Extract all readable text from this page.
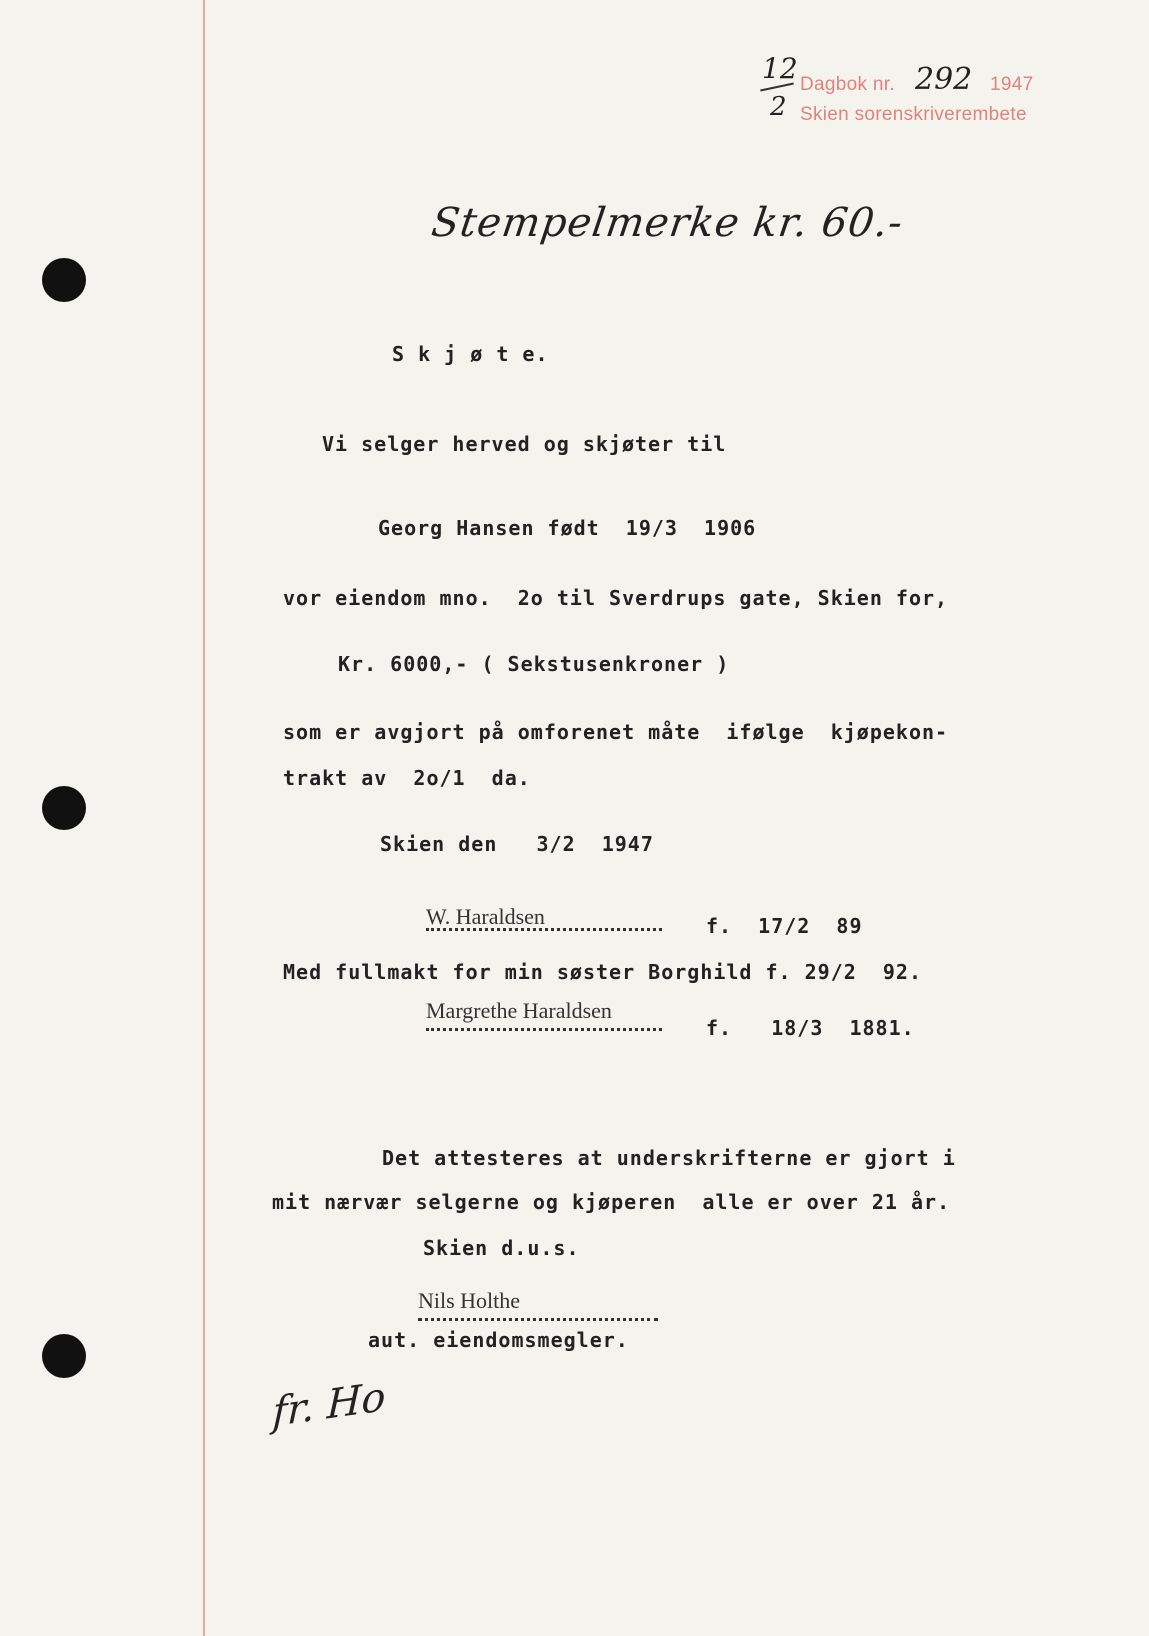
12
2
Dagbok nr. 292 1947
Skien sorenskriverembete
Stempelmerke kr. 60.-
S k j ø t e.
Vi selger herved og skjøter til
Georg Hansen født  19/3  1906
vor eiendom mno.  2o til Sverdrups gate, Skien for,
Kr. 6000,- ( Sekstusenkroner )
som er avgjort på omforenet måte  ifølge  kjøpekon-
trakt av  2o/1  da.
Skien den   3/2  1947
W. Haraldsen	f.  17/2  89
Med fullmakt for min søster Borghild f. 29/2  92.
Margrethe Haraldsen
f.   18/3  1881.
Det attesteres at underskrifterne er gjort i
mit nærvær selgerne og kjøperen  alle er over 21 år.
Skien d.u.s.
Nils Holthe
aut. eiendomsmegler.
fr. Ho
